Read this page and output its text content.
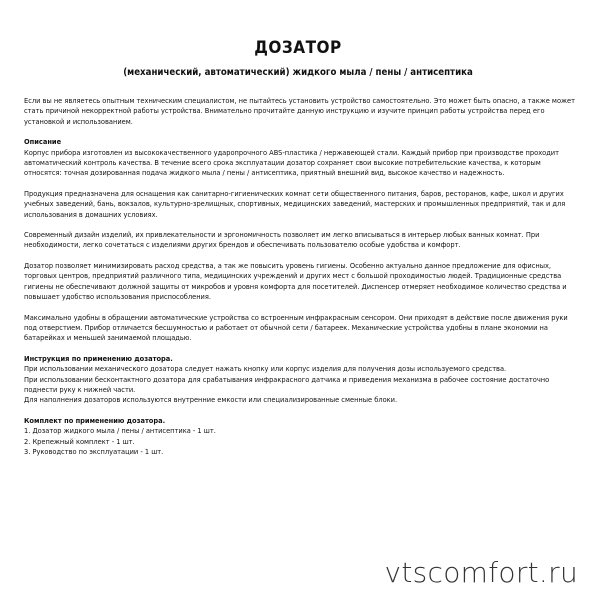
ДОЗАТОР
(механический, автоматический) жидкого мыла / пены / антисептика

Если вы не являетесь опытным техническим специалистом, не пытайтесь установить устройство самостоятельно. Это может быть опасно, а также может стать причиной некорректной работы устройства. Внимательно прочитайте данную инструкцию и изучите принцип работы устройства перед его установкой и использованием.

Описание
Корпус прибора изготовлен из высококачественного ударопрочного ABS-пластика / нержавеющей стали. Каждый прибор при производстве проходит автоматический контроль качества. В течение всего срока эксплуатации дозатор сохраняет свои высокие потребительские качества, к которым относятся: точная дозированная подача жидкого мыла / пены / антисептика, приятный внешний вид, высокое качество и надежность.

Продукция предназначена для оснащения как санитарно-гигиенических комнат сети общественного питания, баров, ресторанов, кафе, школ и других учебных заведений, бань, вокзалов, культурно-зрелищных, спортивных, медицинских заведений, мастерских и промышленных предприятий, так и для использования в домашних условиях.

Современный дизайн изделий, их привлекательности и эргономичность позволяет им легко вписываться в интерьер любых ванных комнат. При необходимости, легко сочетаться с изделиями других брендов и обеспечивать пользователю особые удобства и комфорт.

Дозатор позволяет минимизировать расход средства, а так же повысить уровень гигиены. Особенно актуально данное предложение для офисных, торговых центров, предприятий различного типа, медицинских учреждений и других мест с большой проходимостью людей. Традиционные средства гигиены не обеспечивают должной защиты от микробов и уровня комфорта для посетителей. Диспенсер отмеряет необходимое количество средства и повышает удобство использования приспособления.

Максимально удобны в обращении автоматические устройства со встроенным инфракрасным сенсором. Они приходят в действие после движения руки под отверстием. Прибор отличается бесшумностью и работает от обычной сети / батареек. Механические устройства удобны в плане экономии на батарейках и меньшей занимаемой площадью.

Инструкция по применению дозатора.
При использовании механического дозатора следует нажать кнопку или корпус изделия для получения дозы используемого средства.
При использовании бесконтактного дозатора для срабатывания инфракрасного датчика и приведения механизма в рабочее состояние достаточно поднести руку к нижней части.
Для наполнения дозаторов используются внутренние емкости или специализированные сменные блоки.

Комплект по применению дозатора.
1. Дозатор жидкого мыла / пены / антисептика - 1 шт.
2. Крепежный комплект - 1 шт.
3. Руководство по эксплуатации - 1 шт.

vtscomfort.ru
